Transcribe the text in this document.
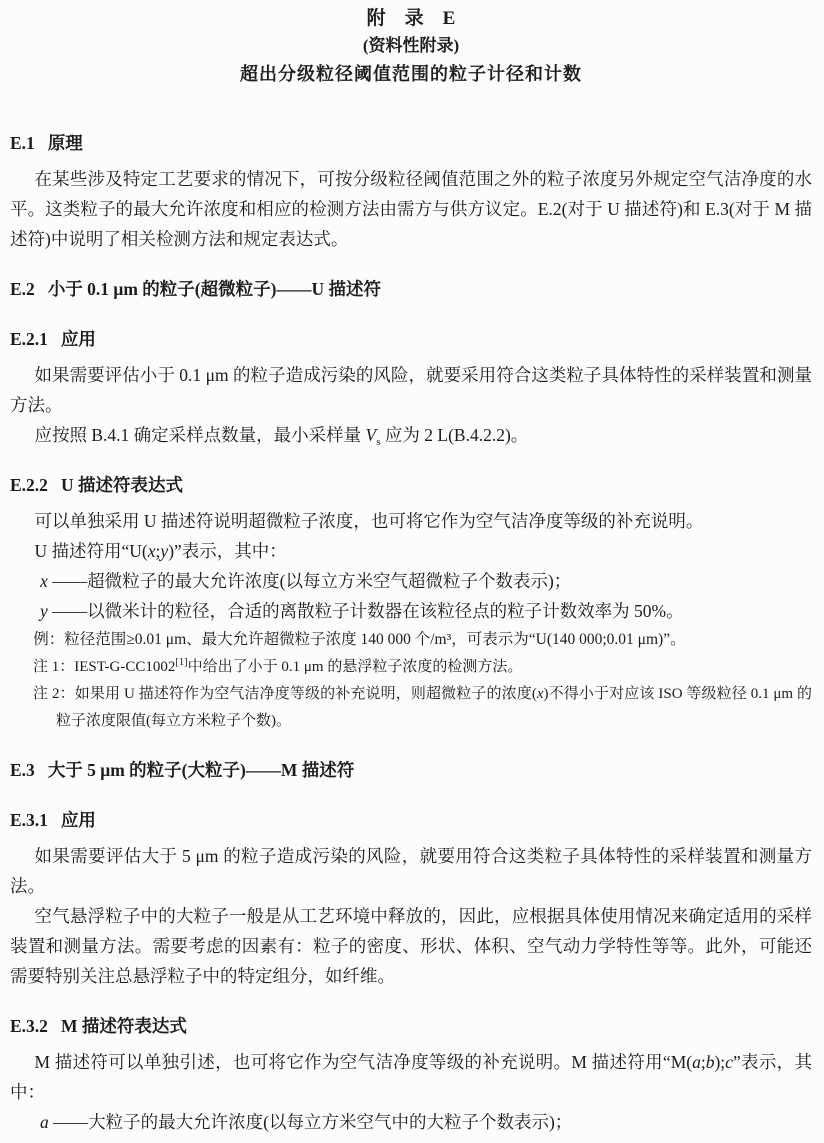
附　录　E
(资料性附录)
超出分级粒径阈值范围的粒子计径和计数
E.1 原理

在某些涉及特定工艺要求的情况下，可按分级粒径阈值范围之外的粒子浓度另外规定空气洁净度的水平。这类粒子的最大允许浓度和相应的检测方法由需方与供方议定。E.2(对于 U 描述符)和 E.3(对于 M 描述符)中说明了相关检测方法和规定表达式。

E.2 小于 0.1 μm 的粒子(超微粒子)——U 描述符
E.2.1 应用

如果需要评估小于 0.1 μm 的粒子造成污染的风险，就要采用符合这类粒子具体特性的采样装置和测量方法。

应按照 B.4.1 确定采样点数量，最小采样量 $V_s$ 应为 2 L(B.4.2.2)。

E.2.2 U 描述符表达式

可以单独采用 U 描述符说明超微粒子浓度，也可将它作为空气洁净度等级的补充说明。

U 描述符用“U(x;y)”表示，其中：

x ——超微粒子的最大允许浓度(以每立方米空气超微粒子个数表示)；

y ——以微米计的粒径，合适的离散粒子计数器在该粒径点的粒子计数效率为 50%。

例：粒径范围≥0.01 μm、最大允许超微粒子浓度 140 000 个/m³，可表示为“U(140 000;0.01 μm)”。

注 1：IEST-G-CC1002[1]中给出了小于 0.1 μm 的悬浮粒子浓度的检测方法。

注 2：如果用 U 描述符作为空气洁净度等级的补充说明，则超微粒子的浓度(x)不得小于对应该 ISO 等级粒径 0.1 μm 的粒子浓度限值(每立方米粒子个数)。

E.3 大于 5 μm 的粒子(大粒子)——M 描述符
E.3.1 应用

如果需要评估大于 5 μm 的粒子造成污染的风险，就要用符合这类粒子具体特性的采样装置和测量方法。

空气悬浮粒子中的大粒子一般是从工艺环境中释放的，因此，应根据具体使用情况来确定适用的采样装置和测量方法。需要考虑的因素有：粒子的密度、形状、体积、空气动力学特性等等。此外，可能还需要特别关注总悬浮粒子中的特定组分，如纤维。

E.3.2 M 描述符表达式

M 描述符可以单独引述，也可将它作为空气洁净度等级的补充说明。M 描述符用“M(a;b);c”表示，其中：

a ——大粒子的最大允许浓度(以每立方米空气中的大粒子个数表示)；
